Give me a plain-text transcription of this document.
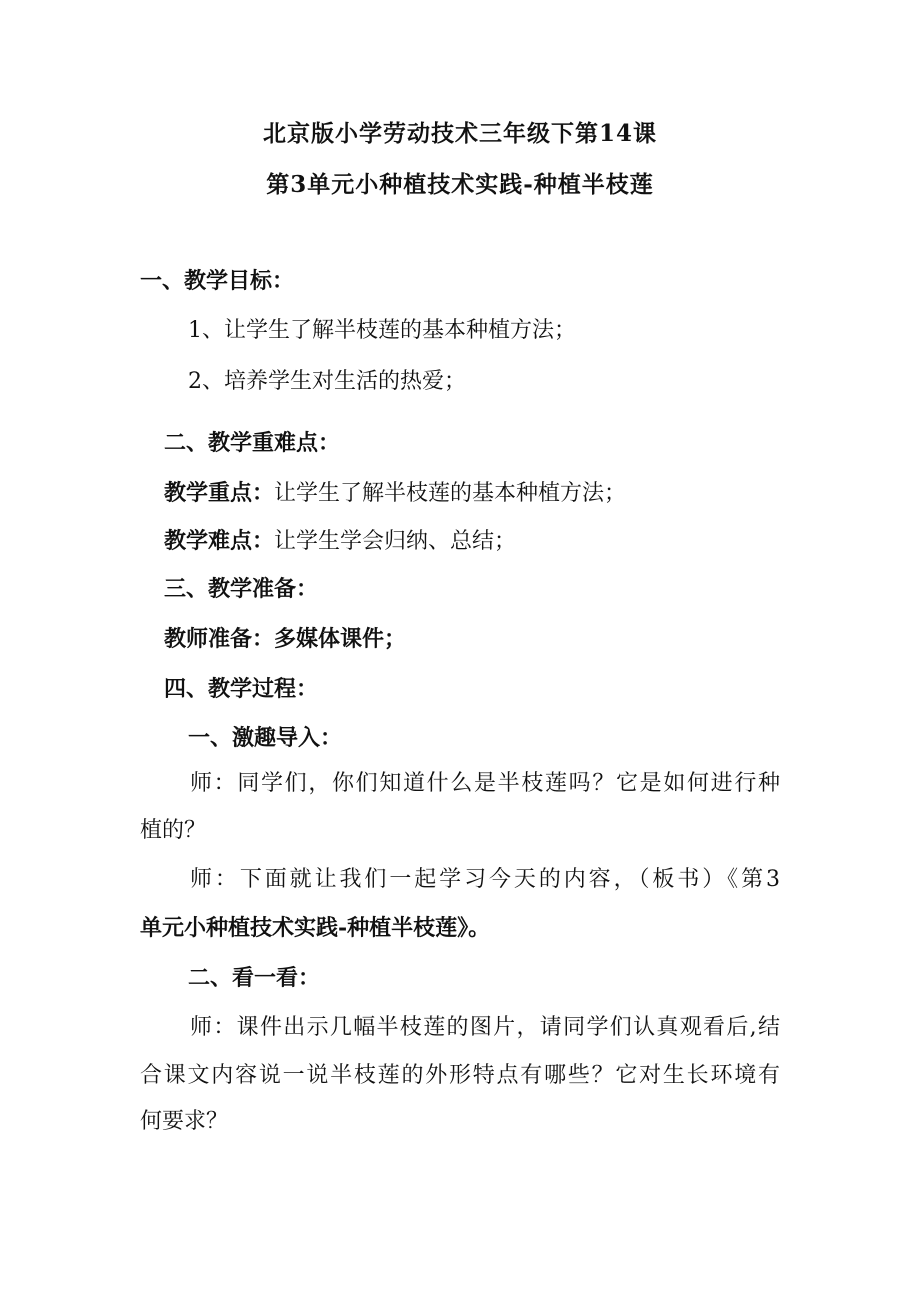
北京版小学劳动技术三年级下第14课
第3单元小种植技术实践-种植半枝莲
一、教学目标：
1、让学生了解半枝莲的基本种植方法；
2、培养学生对生活的热爱；
二、教学重难点：
教学重点：让学生了解半枝莲的基本种植方法；
教学难点：让学生学会归纳、总结；
三、教学准备：
教师准备：多媒体课件；
四、教学过程：
一、激趣导入：
师：同学们，你们知道什么是半枝莲吗？它是如何进行种
植的？
师：下面就让我们一起学习今天的内容，（板书）《第3
单元小种植技术实践-种植半枝莲》。
二、看一看：
师：课件出示几幅半枝莲的图片，请同学们认真观看后,结
合课文内容说一说半枝莲的外形特点有哪些？它对生长环境有
何要求？
